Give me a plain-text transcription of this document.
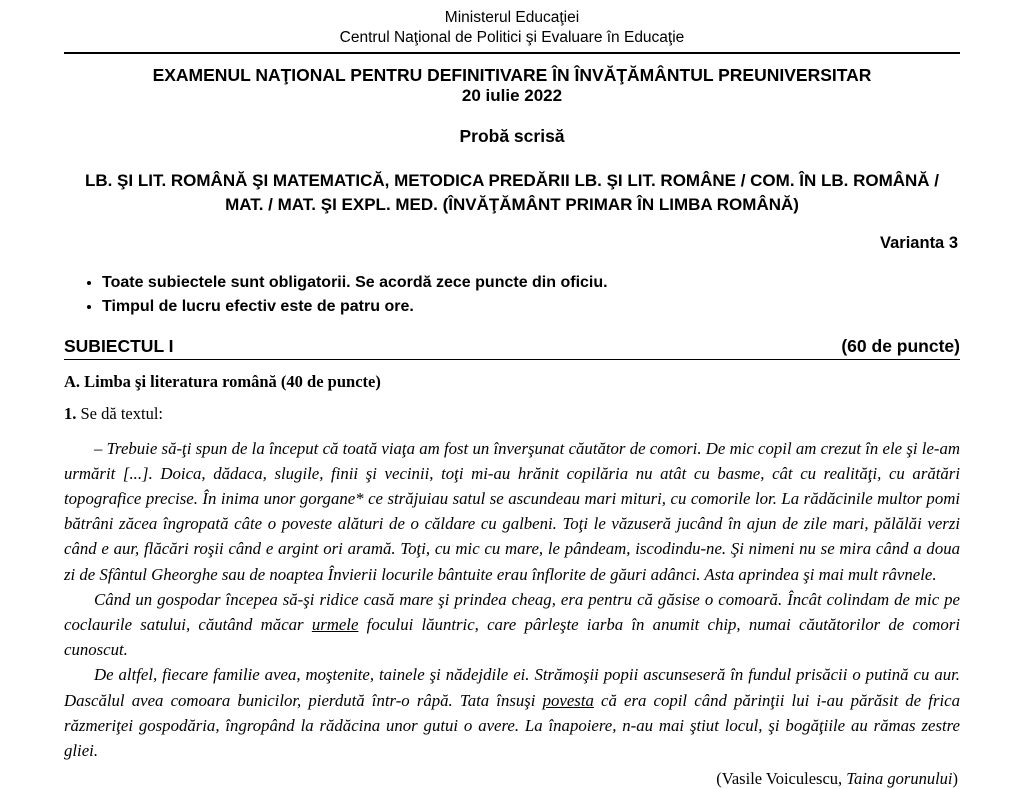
Ministerul Educaţiei
Centrul Naţional de Politici şi Evaluare în Educaţie
EXAMENUL NAŢIONAL PENTRU DEFINITIVARE ÎN ÎNVĂŢĂMÂNTUL PREUNIVERSITAR
20 iulie 2022
Probă scrisă
LB. ŞI LIT. ROMÂNĂ ŞI MATEMATICĂ, METODICA PREDĂRII LB. ŞI LIT. ROMÂNE / COM. ÎN LB. ROMÂNĂ / MAT. / MAT. ŞI EXPL. MED. (ÎNVĂŢĂMÂNT PRIMAR ÎN LIMBA ROMÂNĂ)
Varianta 3
• Toate subiectele sunt obligatorii. Se acordă zece puncte din oficiu.
• Timpul de lucru efectiv este de patru ore.
SUBIECTUL I	(60 de puncte)
A. Limba şi literatura română (40 de puncte)
1. Se dă textul:

– Trebuie să-ţi spun de la început că toată viaţa am fost un înverşunat căutător de comori. De mic copil am crezut în ele şi le-am urmărit [...]. Doica, dădaca, slugile, finii şi vecinii, toţi mi-au hrănit copilăria nu atât cu basme, cât cu realităţi, cu arătări topografice precise. În inima unor gorgane* ce străjuiau satul se ascundeau mari mituri, cu comorile lor. La rădăcinile multor pomi bătrâni zăcea îngropată câte o poveste alături de o căldare cu galbeni. Toţi le văzuseră jucând în ajun de zile mari, pălălăi verzi când e aur, flăcări roşii când e argint ori aramă. Toţi, cu mic cu mare, le pândeam, iscodindu-ne. Şi nimeni nu se mira când a doua zi de Sfântul Gheorghe sau de noaptea Învierii locurile bântuite erau înflorite de găuri adânci. Asta aprindea şi mai mult râvnele.

Când un gospodar începea să-şi ridice casă mare şi prindea cheag, era pentru că găsise o comoară. Încât colindam de mic pe coclaurile satului, căutând măcar urmele focului lăuntric, care pârleşte iarba în anumit chip, numai căutătorilor de comori cunoscut.

De altfel, fiecare familie avea, moştenite, tainele şi nădejdile ei. Strămoşii popii ascunseseră în fundul prisăcii o putină cu aur. Dascălul avea comoara bunicilor, pierdută într-o râpă. Tata însuşi povesta că era copil când părinţii lui i-au părăsit de frica răzmeriţei gospodăria, îngropând la rădăcina unor gutui o avere. La înapoiere, n-au mai ştiut locul, şi bogăţiile au rămas zestre gliei.

(Vasile Voiculescu, Taina gorunului)
